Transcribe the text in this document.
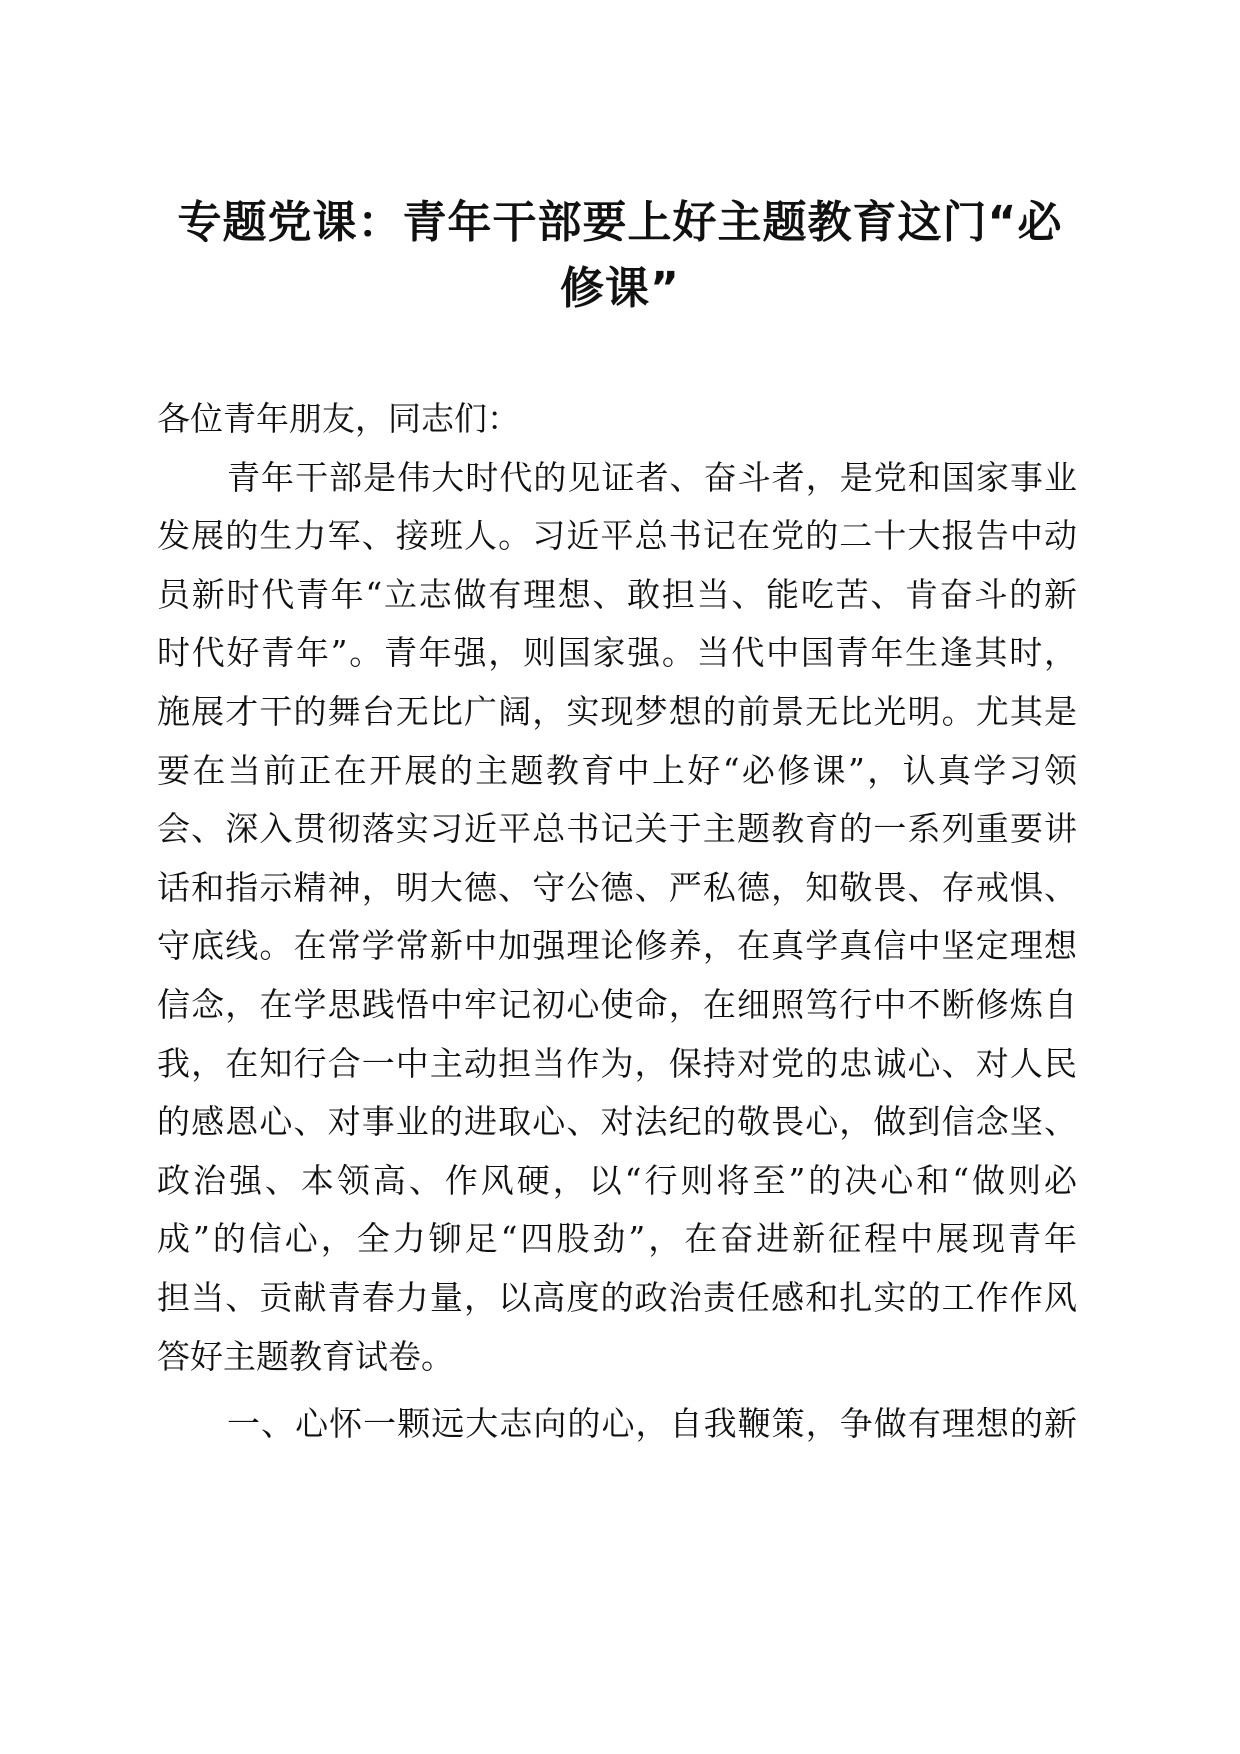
专题党课：青年干部要上好主题教育这门“必
修课”

各位青年朋友，同志们：

青年干部是伟大时代的见证者、奋斗者，是党和国家事业
发展的生力军、接班人。习近平总书记在党的二十大报告中动
员新时代青年“立志做有理想、敢担当、能吃苦、肯奋斗的新
时代好青年”。青年强，则国家强。当代中国青年生逢其时，
施展才干的舞台无比广阔，实现梦想的前景无比光明。尤其是
要在当前正在开展的主题教育中上好“必修课”，认真学习领
会、深入贯彻落实习近平总书记关于主题教育的一系列重要讲
话和指示精神，明大德、守公德、严私德，知敬畏、存戒惧、
守底线。在常学常新中加强理论修养，在真学真信中坚定理想
信念，在学思践悟中牢记初心使命，在细照笃行中不断修炼自
我，在知行合一中主动担当作为，保持对党的忠诚心、对人民
的感恩心、对事业的进取心、对法纪的敬畏心，做到信念坚、
政治强、本领高、作风硬，以“行则将至”的决心和“做则必
成”的信心，全力铆足“四股劲”，在奋进新征程中展现青年
担当、贡献青春力量，以高度的政治责任感和扎实的工作作风
答好主题教育试卷。

一、心怀一颗远大志向的心，自我鞭策，争做有理想的新
